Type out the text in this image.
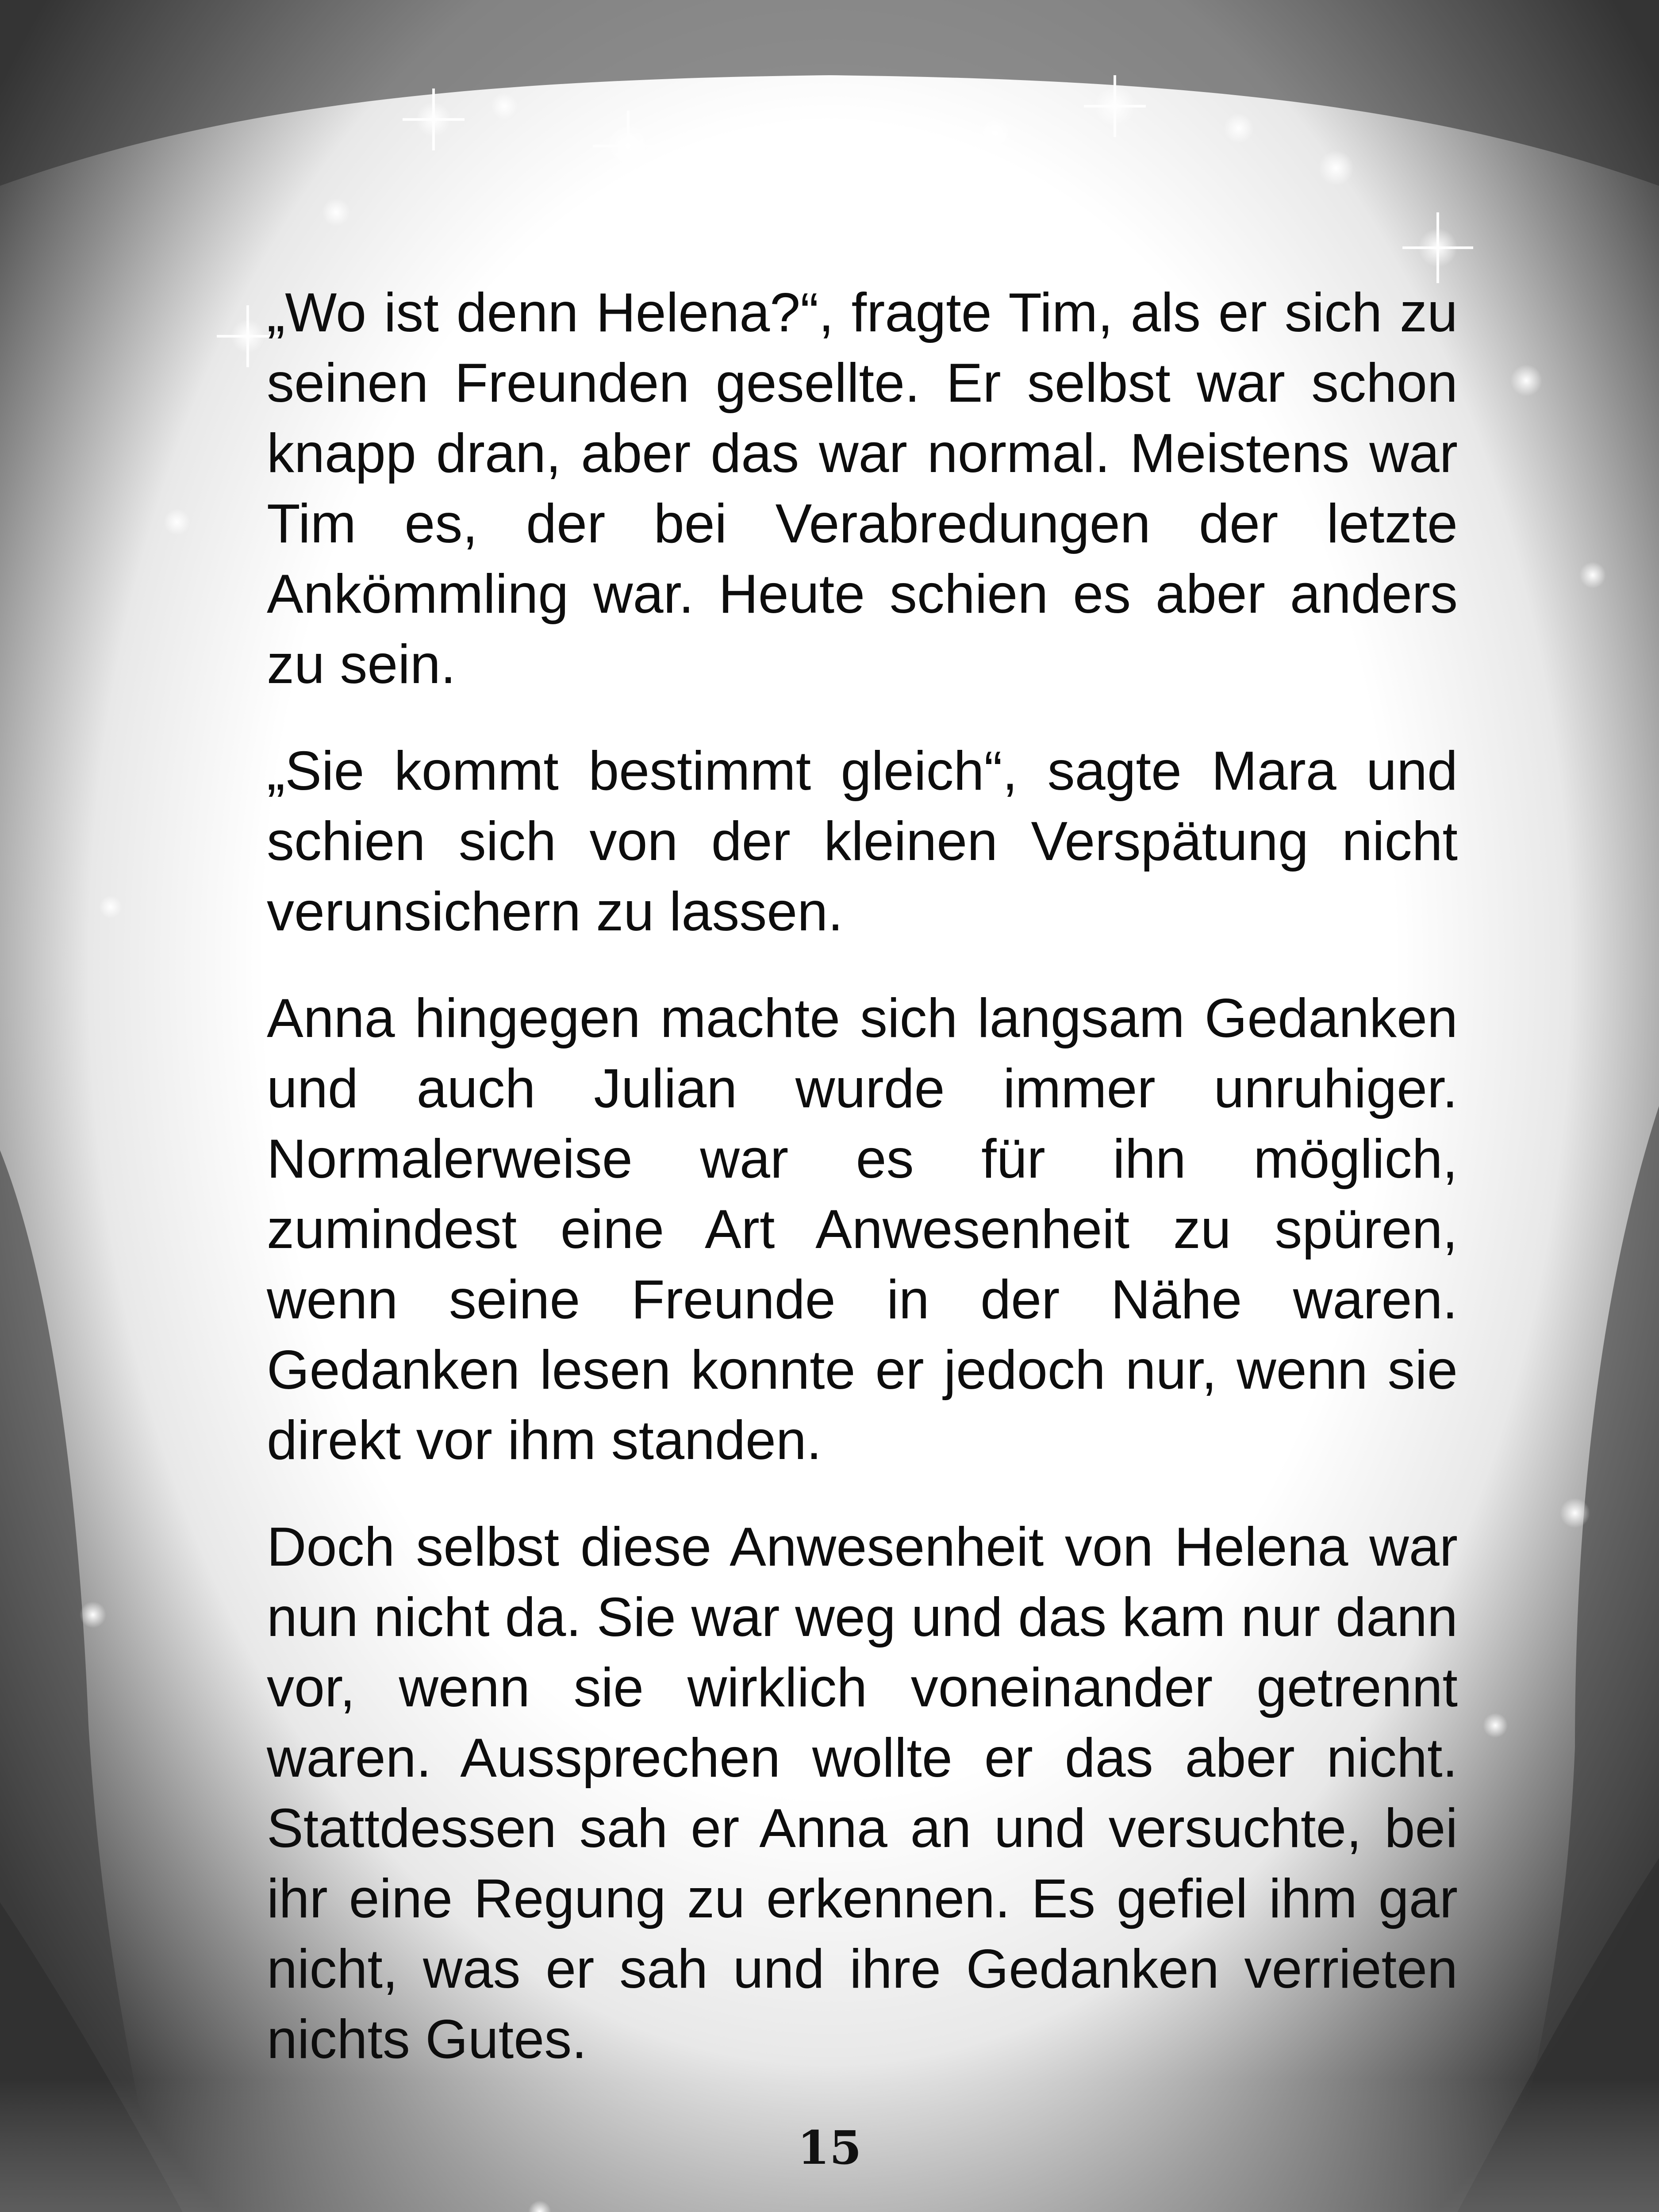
„Wo ist denn Helena?“, fragte Tim, als er sich zu seinen Freunden gesellte. Er selbst war schon knapp dran, aber das war normal. Meistens war Tim es, der bei Verabredungen der letzte Ankömmling war. Heute schien es aber anders zu sein.

„Sie kommt bestimmt gleich“, sagte Mara und schien sich von der kleinen Verspätung nicht verunsichern zu lassen.

Anna hingegen machte sich langsam Gedanken und auch Julian wurde immer unruhiger. Normalerweise war es für ihn möglich, zumindest eine Art Anwesenheit zu spüren, wenn seine Freunde in der Nähe waren. Gedanken lesen konnte er jedoch nur, wenn sie direkt vor ihm standen.

Doch selbst diese Anwesenheit von Helena war nun nicht da. Sie war weg und das kam nur dann vor, wenn sie wirklich voneinander getrennt waren. Aussprechen wollte er das aber nicht. Stattdessen sah er Anna an und versuchte, bei ihr eine Regung zu erkennen. Es gefiel ihm gar nicht, was er sah und ihre Gedanken verrieten nichts Gutes.

15
